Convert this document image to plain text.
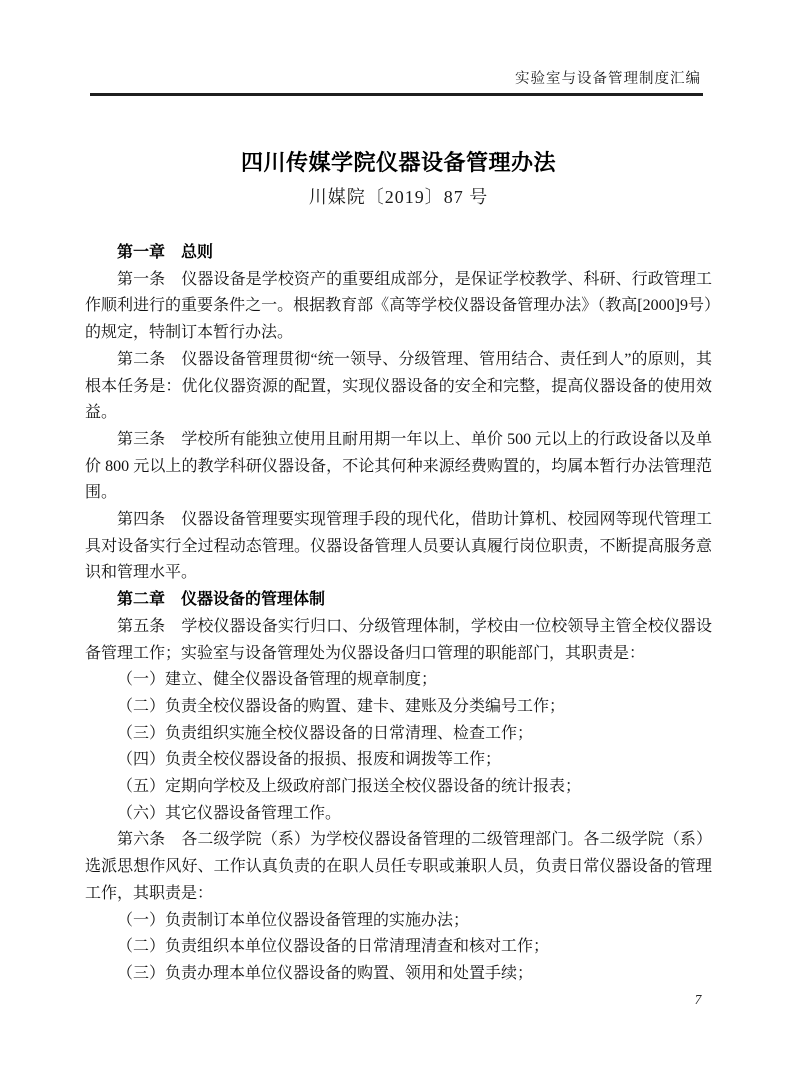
实验室与设备管理制度汇编
四川传媒学院仪器设备管理办法
川媒院〔2019〕87 号

第一章　总则

第一条　仪器设备是学校资产的重要组成部分，是保证学校教学、科研、行政管理工作顺利进行的重要条件之一。根据教育部《高等学校仪器设备管理办法》（教高[2000]9号）的规定，特制订本暂行办法。

第二条　仪器设备管理贯彻“统一领导、分级管理、管用结合、责任到人”的原则，其根本任务是：优化仪器资源的配置，实现仪器设备的安全和完整，提高仪器设备的使用效益。

第三条　学校所有能独立使用且耐用期一年以上、单价 500 元以上的行政设备以及单价 800 元以上的教学科研仪器设备，不论其何种来源经费购置的，均属本暂行办法管理范围。

第四条　仪器设备管理要实现管理手段的现代化，借助计算机、校园网等现代管理工具对设备实行全过程动态管理。仪器设备管理人员要认真履行岗位职责，不断提高服务意识和管理水平。

第二章　仪器设备的管理体制

第五条　学校仪器设备实行归口、分级管理体制，学校由一位校领导主管全校仪器设备管理工作；实验室与设备管理处为仪器设备归口管理的职能部门，其职责是：

（一）建立、健全仪器设备管理的规章制度；

（二）负责全校仪器设备的购置、建卡、建账及分类编号工作；

（三）负责组织实施全校仪器设备的日常清理、检查工作；

（四）负责全校仪器设备的报损、报废和调拨等工作；

（五）定期向学校及上级政府部门报送全校仪器设备的统计报表；

（六）其它仪器设备管理工作。

第六条　各二级学院（系）为学校仪器设备管理的二级管理部门。各二级学院（系）选派思想作风好、工作认真负责的在职人员任专职或兼职人员，负责日常仪器设备的管理工作，其职责是：

（一）负责制订本单位仪器设备管理的实施办法；

（二）负责组织本单位仪器设备的日常清理清查和核对工作；

（三）负责办理本单位仪器设备的购置、领用和处置手续；

7
